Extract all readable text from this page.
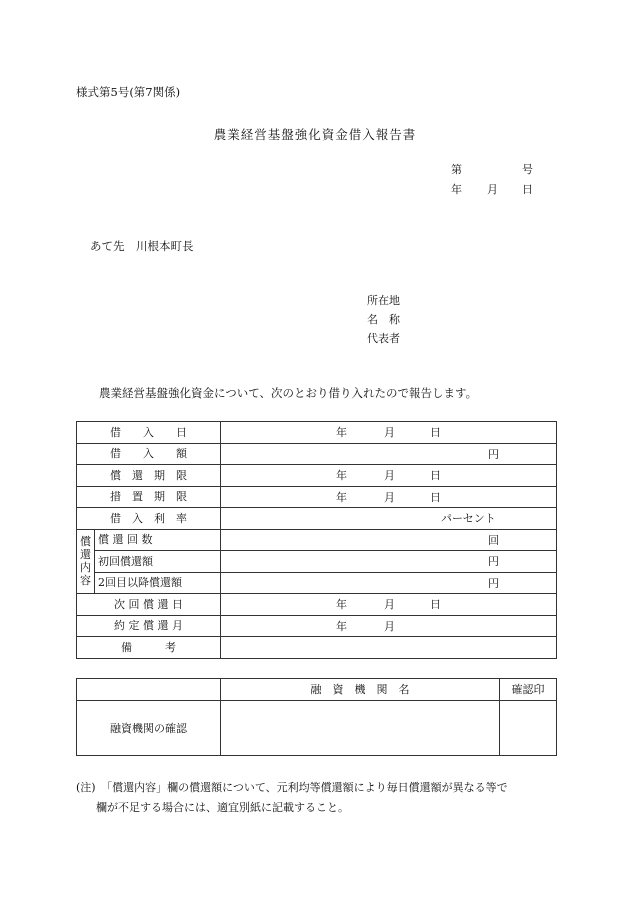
様式第5号(第7関係)
農業経営基盤強化資金借入報告書
第	号
年 月 日
あて先　川根本町長
所在地
名　称
代表者
農業経営基盤強化資金について、次のとおり借り入れたので報告します。
借　　入　　日		年 月 日

借　　入　　額		円

償　還　期　限		年 月 日

措　置　期　限		年 月 日

借　入　利　率		パーセント

償
還
内
容	償 還 回 数	回

	初回償還額	円

	2回目以降償還額	円

次 回 償 還 日		年 月 日

約 定 償 還 月		年 月

備　　　考		
	融　資　機　関　名	確認印
融資機関の確認		
(注)　「償還内容」欄の償還額について、元利均等償還額により毎日償還額が異なる等で
欄が不足する場合には、適宜別紙に記載すること。
